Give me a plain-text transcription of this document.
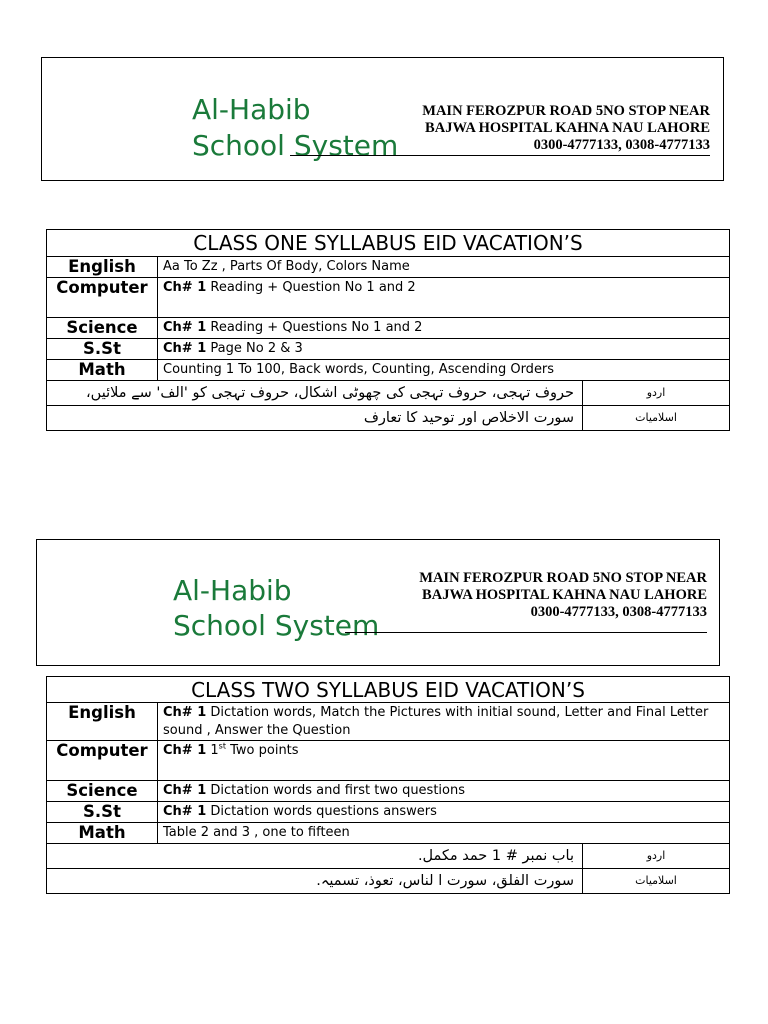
Al-Habib
School System
MAIN FEROZPUR ROAD 5NO STOP NEAR
BAJWA HOSPITAL KAHNA NAU LAHORE
0300-4777133, 0308-4777133
CLASS ONE SYLLABUS EID VACATION’S		
English	Aa To Zz , Parts Of Body, Colors Name	
Computer	Ch# 1 Reading + Question No 1 and 2	
Science	Ch# 1 Reading + Questions No 1 and 2	
S.St	Ch# 1 Page No 2 & 3	
Math	Counting 1 To 100, Back words, Counting, Ascending Orders	
حروف تہجی، حروف تہجی کی چھوٹی اشکال، حروف تہجی کو 'الف' سے ملائیں،		اردو
سورت الاخلاص اور توحید کا تعارف		اسلامیات
Al-Habib
School System
MAIN FEROZPUR ROAD 5NO STOP NEAR
BAJWA HOSPITAL KAHNA NAU LAHORE
0300-4777133, 0308-4777133
CLASS TWO SYLLABUS EID VACATION’S		
English	Ch# 1 Dictation words, Match the Pictures with initial sound, Letter and Final Letter sound , Answer the Question	
Computer	Ch# 1 1st Two points	
Science	Ch# 1 Dictation words and first two questions	
S.St	Ch# 1 Dictation words questions answers	
Math	Table 2 and 3 , one to fifteen	
باب نمبر # 1 حمد مکمل.		اردو
سورت الفلق، سورت ا لناس، تعوذ، تسمیہ.		اسلامیات
